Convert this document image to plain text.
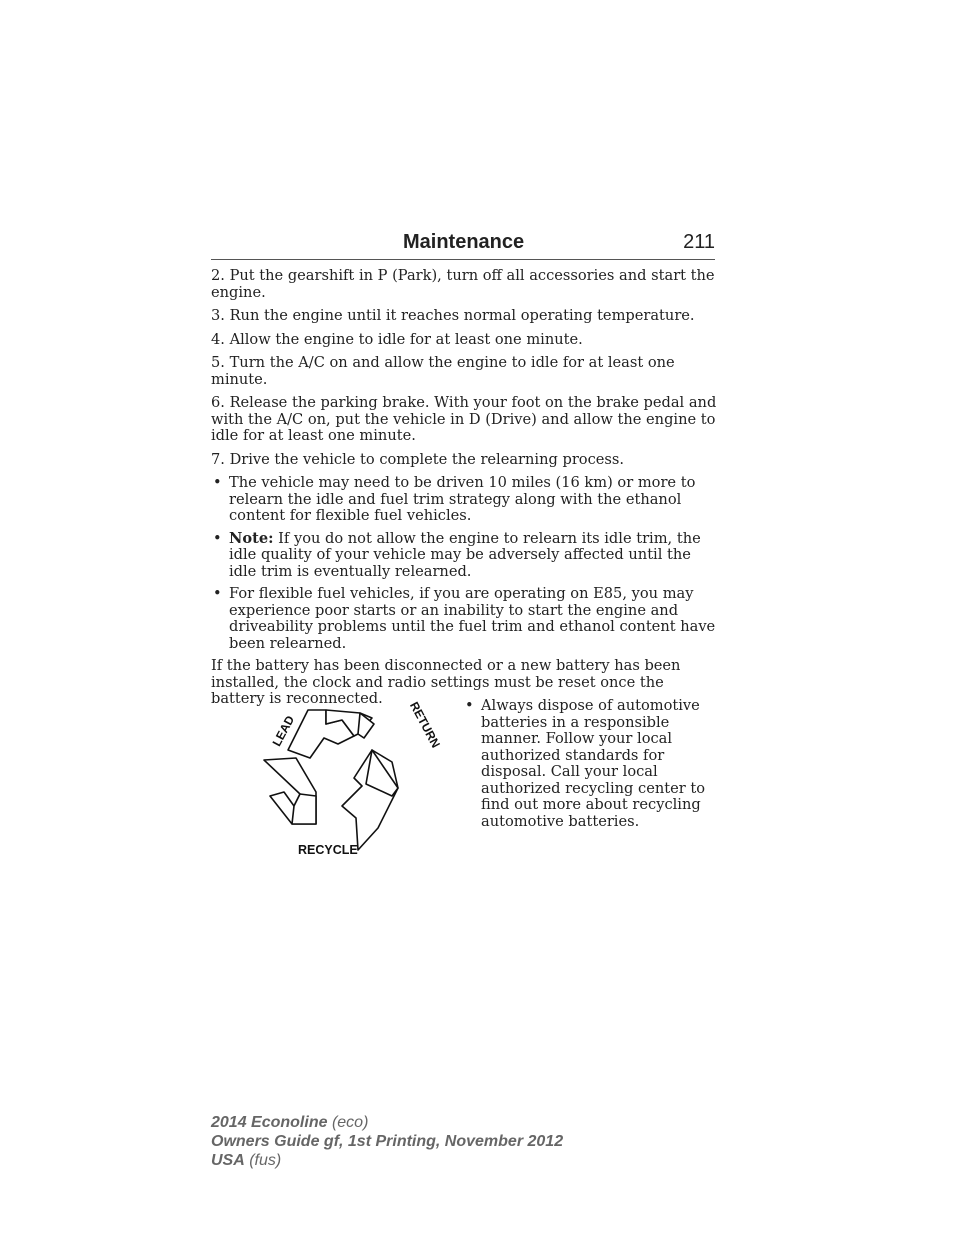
Maintenance	211

2. Put the gearshift in P (Park), turn off all accessories and start the engine.

3. Run the engine until it reaches normal operating temperature.

4. Allow the engine to idle for at least one minute.

5. Turn the A/C on and allow the engine to idle for at least one minute.

6. Release the parking brake. With your foot on the brake pedal and with the A/C on, put the vehicle in D (Drive) and allow the engine to idle for at least one minute.

7. Drive the vehicle to complete the relearning process.

• The vehicle may need to be driven 10 miles (16 km) or more to relearn the idle and fuel trim strategy along with the ethanol content for flexible fuel vehicles.
• Note: If you do not allow the engine to relearn its idle trim, the idle quality of your vehicle may be adversely affected until the idle trim is eventually relearned.
• For flexible fuel vehicles, if you are operating on E85, you may experience poor starts or an inability to start the engine and driveability problems until the fuel trim and ethanol content have been relearned.

If the battery has been disconnected or a new battery has been installed, the clock and radio settings must be reset once the battery is reconnected.

LEAD	RETURN
RECYCLE
• Always dispose of automotive batteries in a responsible manner. Follow your local authorized standards for disposal. Call your local authorized recycling center to find out more about recycling automotive batteries.
2014 Econoline (eco)
Owners Guide gf, 1st Printing, November 2012
USA (fus)
